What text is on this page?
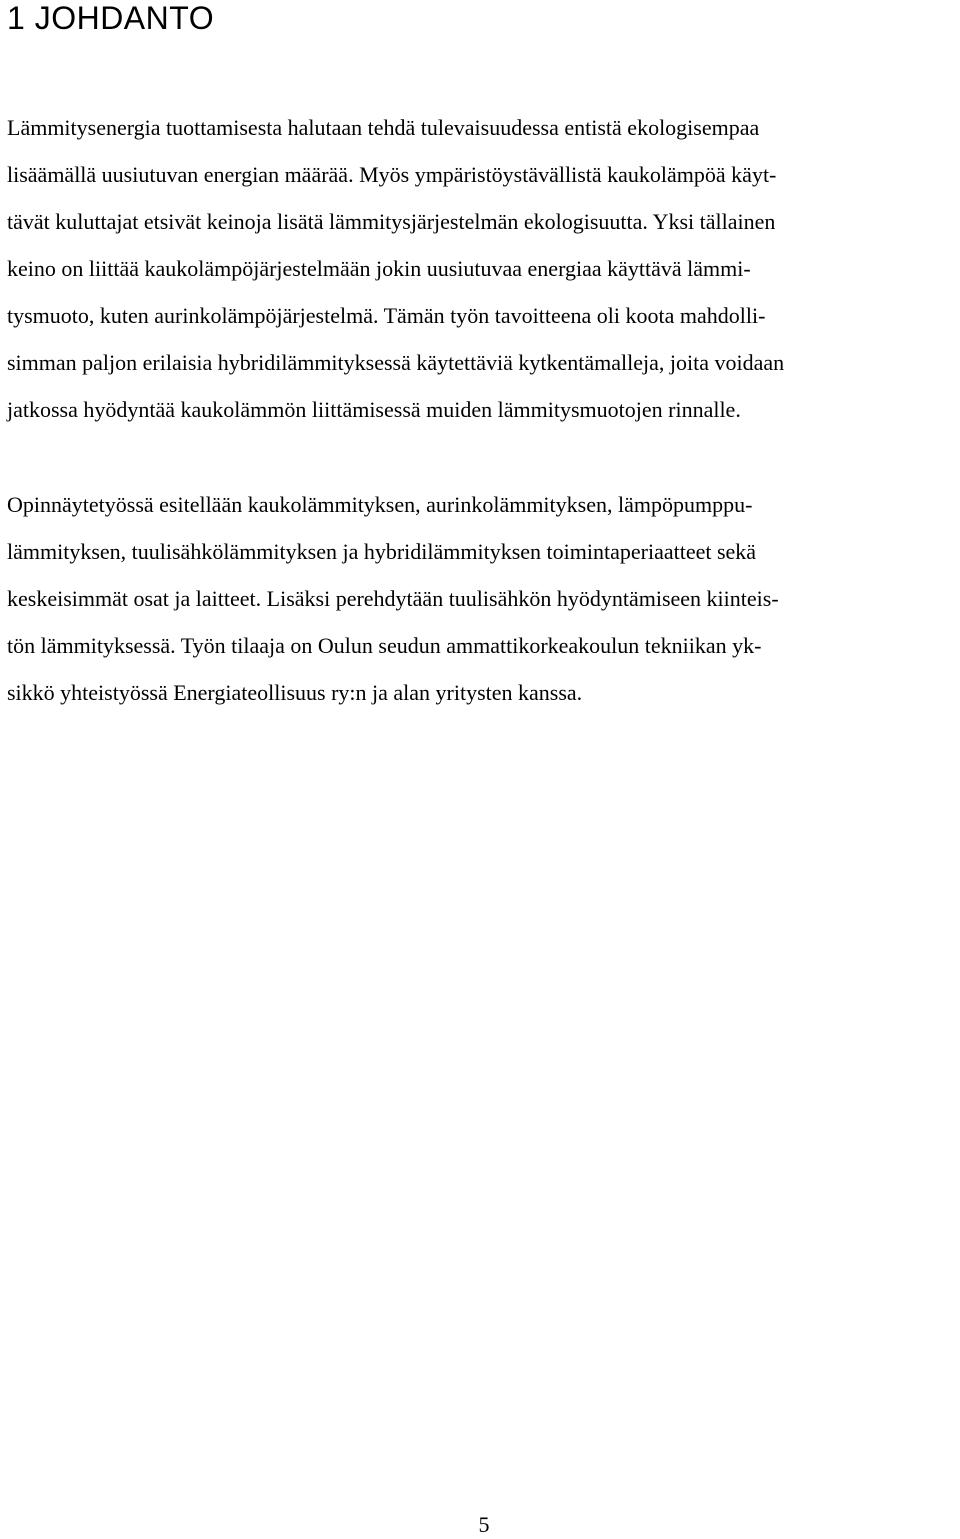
1 JOHDANTO
Lämmitysenergia tuottamisesta halutaan tehdä tulevaisuudessa entistä ekologisempaa
lisäämällä uusiutuvan energian määrää. Myös ympäristöystävällistä kaukolämpöä käyt-
tävät kuluttajat etsivät keinoja lisätä lämmitysjärjestelmän ekologisuutta. Yksi tällainen
keino on liittää kaukolämpöjärjestelmään jokin uusiutuvaa energiaa käyttävä lämmi-
tysmuoto, kuten aurinkolämpöjärjestelmä. Tämän työn tavoitteena oli koota mahdolli-
simman paljon erilaisia hybridilämmityksessä käytettäviä kytkentämalleja, joita voidaan
jatkossa hyödyntää kaukolämmön liittämisessä muiden lämmitysmuotojen rinnalle.
Opinnäytetyössä esitellään kaukolämmityksen, aurinkolämmityksen, lämpöpumppu-
lämmityksen, tuulisähkölämmityksen ja hybridilämmityksen toimintaperiaatteet sekä
keskeisimmät osat ja laitteet. Lisäksi perehdytään tuulisähkön hyödyntämiseen kiinteis-
tön lämmityksessä. Työn tilaaja on Oulun seudun ammattikorkeakoulun tekniikan yk-
sikkö yhteistyössä Energiateollisuus ry:n ja alan yritysten kanssa.
5
